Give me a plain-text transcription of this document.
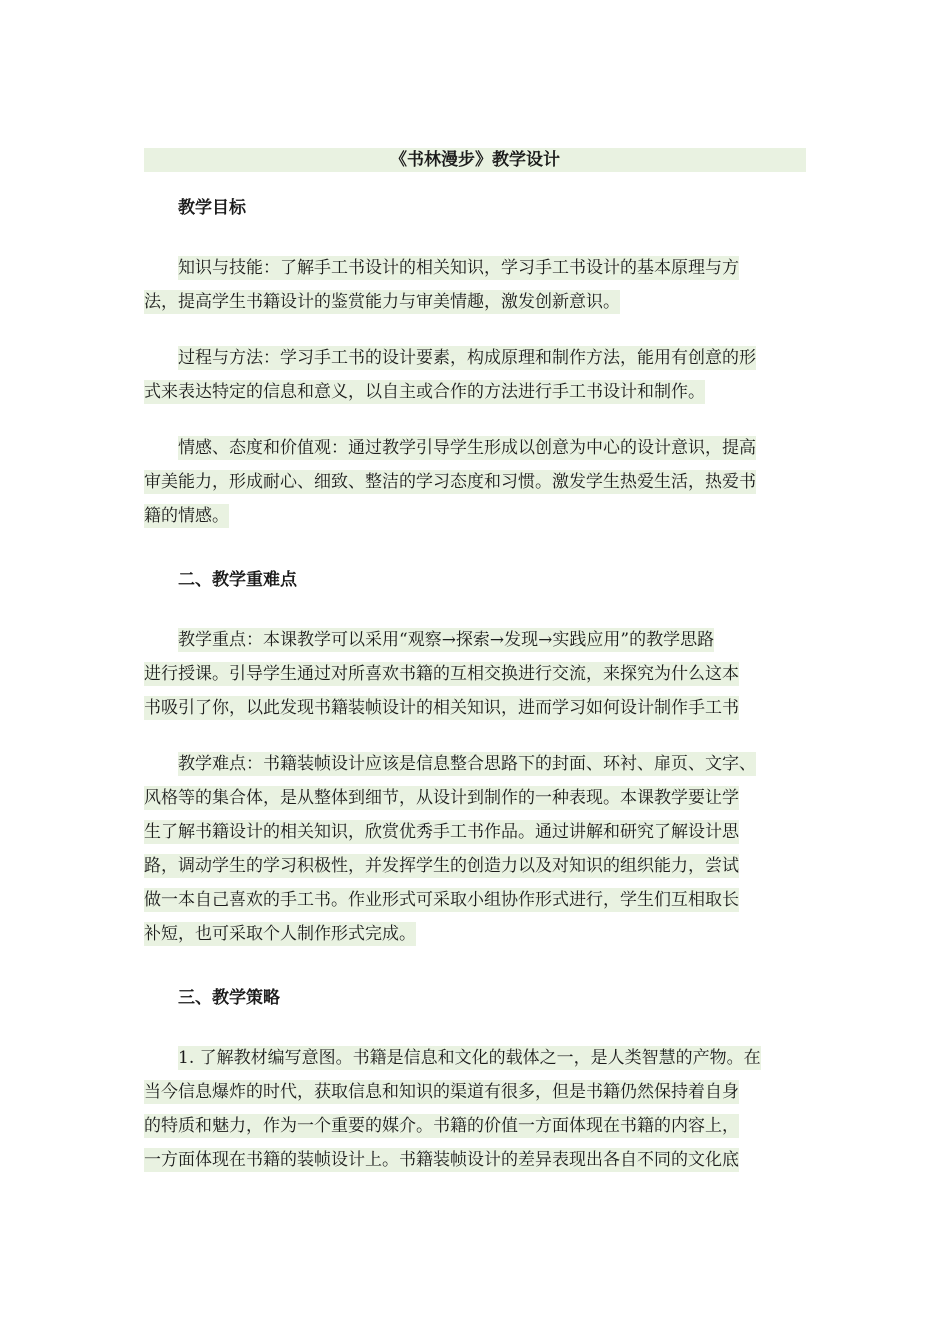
《书林漫步》教学设计
教学目标
知识与技能：了解手工书设计的相关知识，学习手工书设计的基本原理与方
法，提高学生书籍设计的鉴赏能力与审美情趣，激发创新意识。
过程与方法：学习手工书的设计要素，构成原理和制作方法，能用有创意的形
式来表达特定的信息和意义，以自主或合作的方法进行手工书设计和制作。
情感、态度和价值观：通过教学引导学生形成以创意为中心的设计意识，提高
审美能力，形成耐心、细致、整洁的学习态度和习惯。激发学生热爱生活，热爱书
籍的情感。
二、教学重难点
教学重点：本课教学可以采用“观察→探索→发现→实践应用”的教学思路
进行授课。引导学生通过对所喜欢书籍的互相交换进行交流，来探究为什么这本
书吸引了你，以此发现书籍装帧设计的相关知识，进而学习如何设计制作手工书
教学难点：书籍装帧设计应该是信息整合思路下的封面、环衬、扉页、文字、
风格等的集合体，是从整体到细节，从设计到制作的一种表现。本课教学要让学
生了解书籍设计的相关知识，欣赏优秀手工书作品。通过讲解和研究了解设计思
路，调动学生的学习积极性，并发挥学生的创造力以及对知识的组织能力，尝试
做一本自己喜欢的手工书。作业形式可采取小组协作形式进行，学生们互相取长
补短，也可采取个人制作形式完成。
三、教学策略
1. 了解教材编写意图。书籍是信息和文化的载体之一，是人类智慧的产物。在
当今信息爆炸的时代，获取信息和知识的渠道有很多，但是书籍仍然保持着自身
的特质和魅力，作为一个重要的媒介。书籍的价值一方面体现在书籍的内容上，
一方面体现在书籍的装帧设计上。书籍装帧设计的差异表现出各自不同的文化底
